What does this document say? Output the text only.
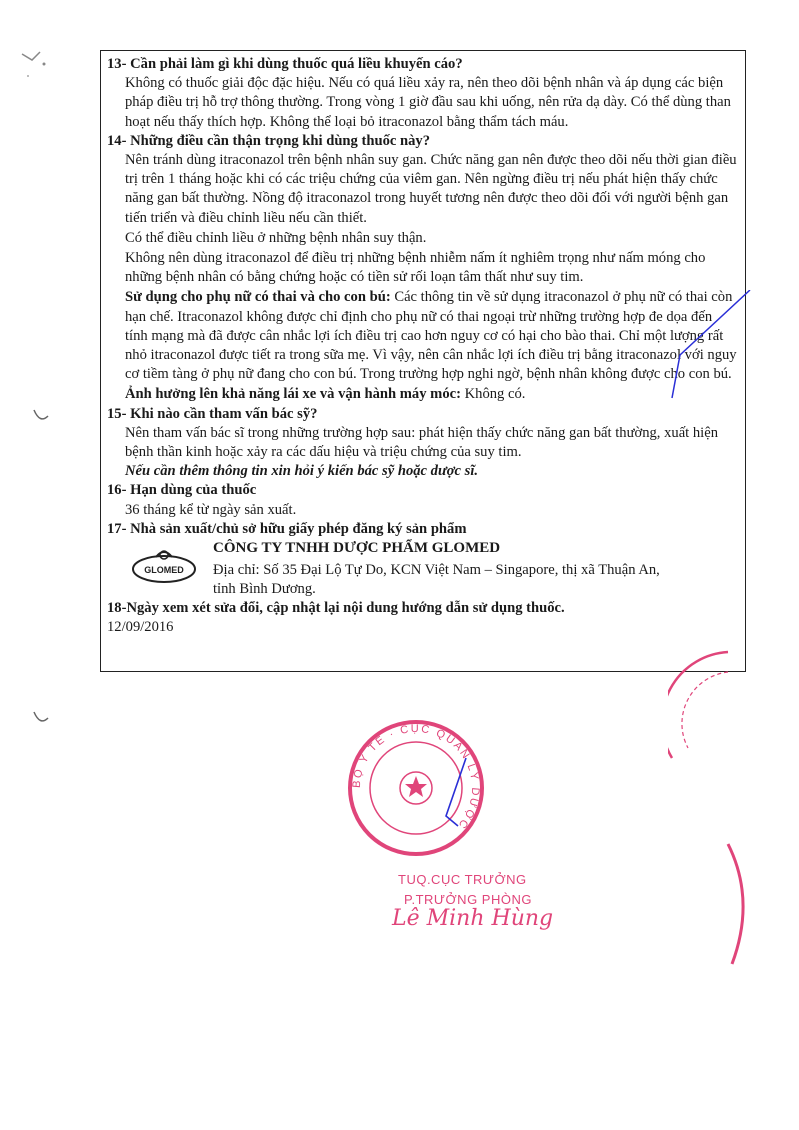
13- Cần phải làm gì khi dùng thuốc quá liều khuyến cáo?

Không có thuốc giải độc đặc hiệu. Nếu có quá liều xảy ra, nên theo dõi bệnh nhân và áp dụng các biện pháp điều trị hỗ trợ thông thường. Trong vòng 1 giờ đầu sau khi uống, nên rửa dạ dày. Có thể dùng than hoạt nếu thấy thích hợp. Không thể loại bỏ itraconazol bằng thẩm tách máu.

14- Những điều cần thận trọng khi dùng thuốc này?

Nên tránh dùng itraconazol trên bệnh nhân suy gan. Chức năng gan nên được theo dõi nếu thời gian điều trị trên 1 tháng hoặc khi có các triệu chứng của viêm gan. Nên ngừng điều trị nếu phát hiện thấy chức năng gan bất thường. Nồng độ itraconazol trong huyết tương nên được theo dõi đối với người bệnh gan tiến triển và điều chỉnh liều nếu cần thiết.

Có thể điều chỉnh liều ở những bệnh nhân suy thận.

Không nên dùng itraconazol để điều trị những bệnh nhiễm nấm ít nghiêm trọng như nấm móng cho những bệnh nhân có bằng chứng hoặc có tiền sử rối loạn tâm thất như suy tim.

Sử dụng cho phụ nữ có thai và cho con bú: Các thông tin về sử dụng itraconazol ở phụ nữ có thai còn hạn chế. Itraconazol không được chỉ định cho phụ nữ có thai ngoại trừ những trường hợp đe dọa đến tính mạng mà đã được cân nhắc lợi ích điều trị cao hơn nguy cơ có hại cho bào thai. Chỉ một lượng rất nhỏ itraconazol được tiết ra trong sữa mẹ. Vì vậy, nên cân nhắc lợi ích điều trị bằng itraconazol với nguy cơ tiềm tàng ở phụ nữ đang cho con bú. Trong trường hợp nghi ngờ, bệnh nhân không được cho con bú.

Ảnh hưởng lên khả năng lái xe và vận hành máy móc: Không có.

15- Khi nào cần tham vấn bác sỹ?

Nên tham vấn bác sĩ trong những trường hợp sau: phát hiện thấy chức năng gan bất thường, xuất hiện bệnh thần kinh hoặc xảy ra các dấu hiệu và triệu chứng của suy tim.

Nếu cần thêm thông tin xin hỏi ý kiến bác sỹ hoặc dược sĩ.

16- Hạn dùng của thuốc

36 tháng kể từ ngày sản xuất.

17- Nhà sản xuất/chủ sở hữu giấy phép đăng ký sản phẩm

GLOMED
CÔNG TY TNHH DƯỢC PHẨM GLOMED
Địa chỉ: Số 35 Đại Lộ Tự Do, KCN Việt Nam – Singapore, thị xã Thuận An, tỉnh Bình Dương.

18-Ngày xem xét sửa đổi, cập nhật lại nội dung hướng dẫn sử dụng thuốc.

12/09/2016

BỘ Y TẾ · CỤC QUẢN LÝ DƯỢC
TUQ.CỤC TRƯỞNG
P.TRƯỞNG PHÒNG
Lê Minh Hùng
